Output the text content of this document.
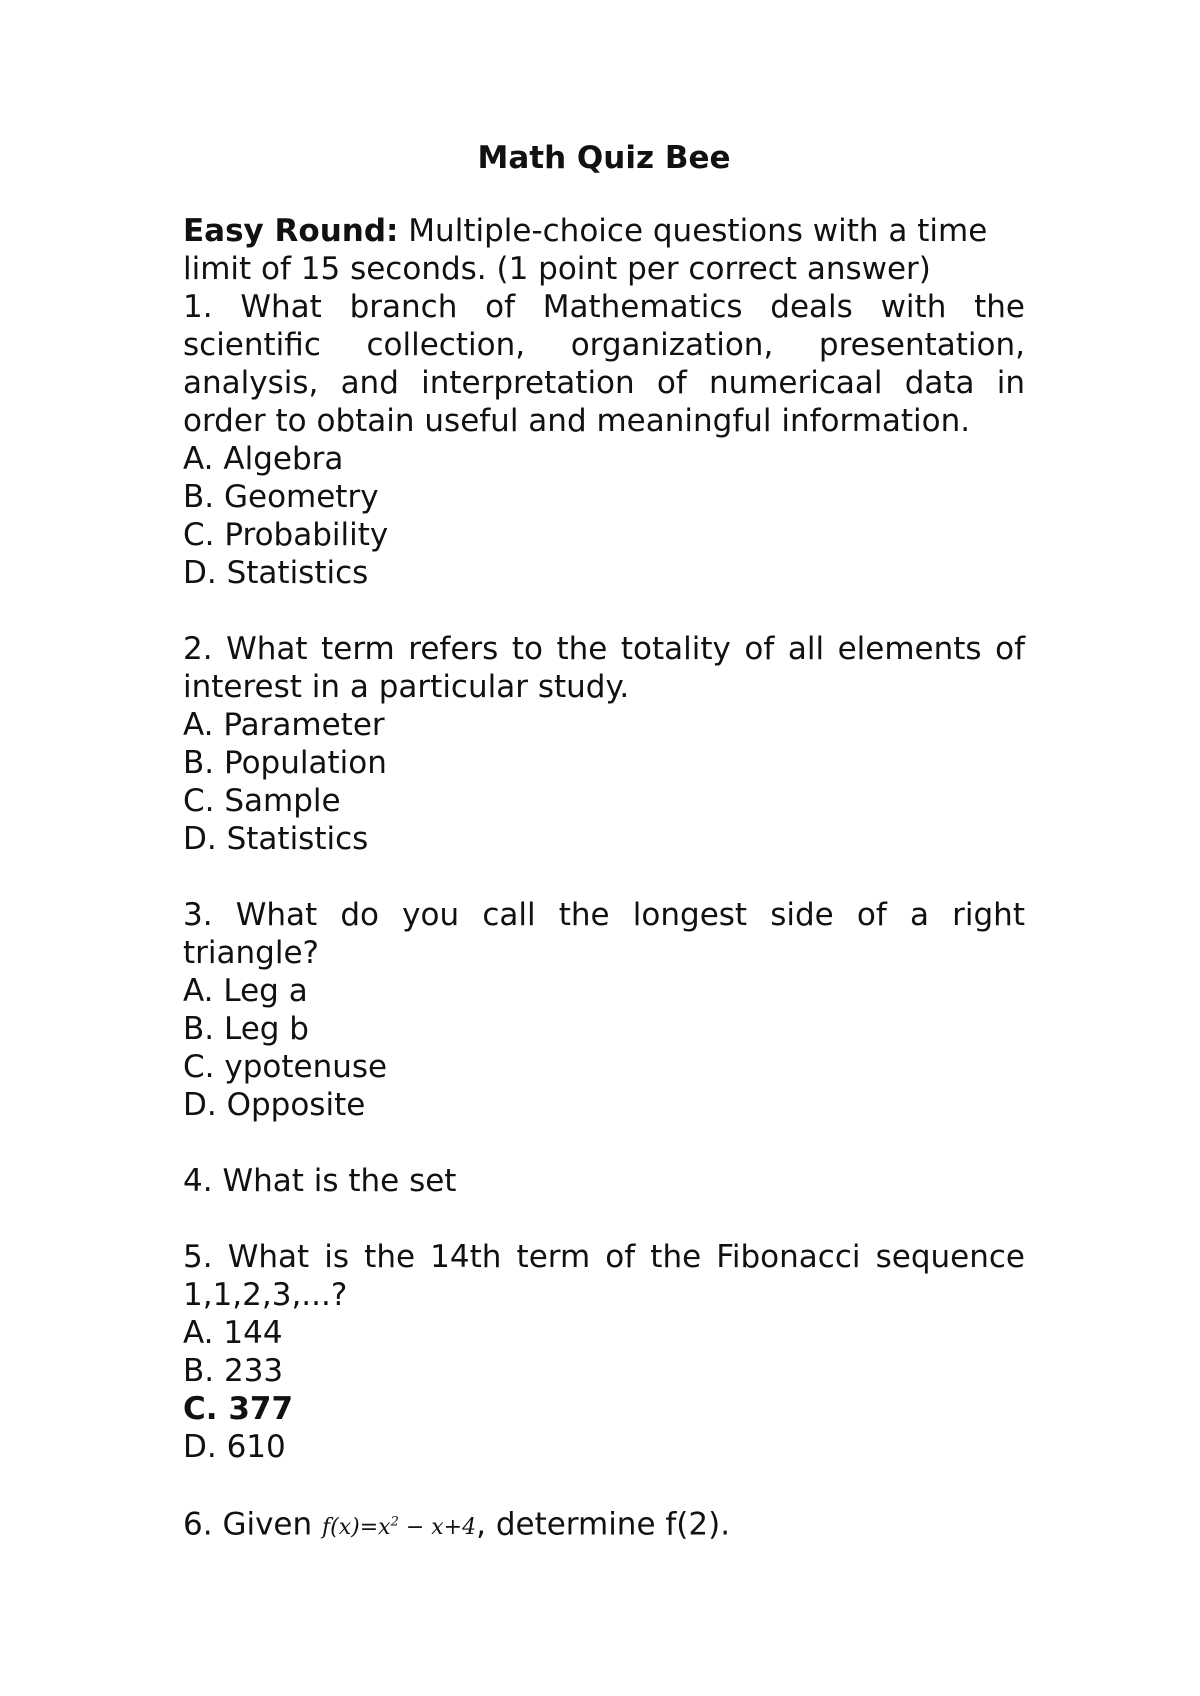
Math Quiz Bee

Easy Round: Multiple-choice questions with a time limit of 15 seconds. (1 point per correct answer)

1. What branch of Mathematics deals with the scientific collection, organization, presentation, analysis, and interpretation of numericaal data in order to obtain useful and meaningful information.

A. Algebra
B. Geometry
C. Probability
D. Statistics

2. What term refers to the totality of all elements of interest in a particular study.

A. Parameter
B. Population
C. Sample
D. Statistics

3. What do you call the longest side of a right triangle?

A. Leg a
B. Leg b
C. ypotenuse
D. Opposite

4. What is the set

5. What is the 14th term of the Fibonacci sequence 1,1,2,3,...?

A. 144
B. 233
C. 377
D. 610

6. Given $f(x)=x^2 - x+4$, determine f(2).
